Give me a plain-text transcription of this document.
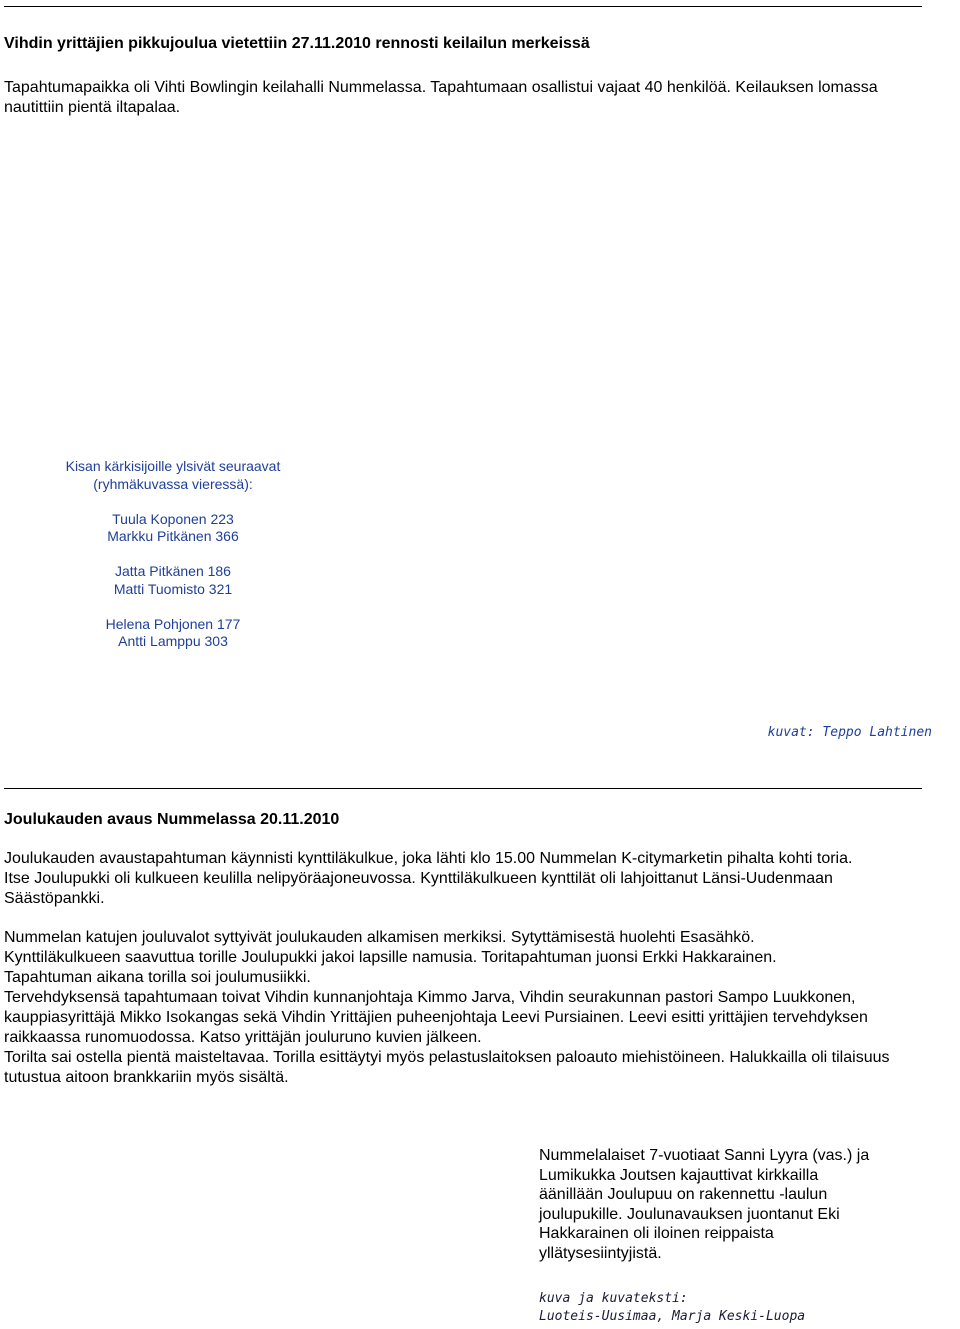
Vihdin yrittäjien pikkujoulua vietettiin 27.11.2010 rennosti keilailun merkeissä
Tapahtumapaikka oli Vihti Bowlingin keilahalli Nummelassa. Tapahtumaan osallistui vajaat 40 henkilöä. Keilauksen lomassa
nautittiin pientä iltapalaa.
Kisan kärkisijoille ylsivät seuraavat
(ryhmäkuvassa vieressä):
Tuula Koponen 223
Markku Pitkänen 366
Jatta Pitkänen 186
Matti Tuomisto 321
Helena Pohjonen 177
Antti Lamppu 303
kuvat: Teppo Lahtinen
Joulukauden avaus Nummelassa 20.11.2010
Joulukauden avaustapahtuman käynnisti kynttiläkulkue, joka lähti klo 15.00 Nummelan K-citymarketin pihalta kohti toria.
Itse Joulupukki oli kulkueen keulilla nelipyöräajoneuvossa. Kynttiläkulkueen kynttilät oli lahjoittanut Länsi-Uudenmaan
Säästöpankki.
Nummelan katujen jouluvalot syttyivät joulukauden alkamisen merkiksi. Sytyttämisestä huolehti Esasähkö.
Kynttiläkulkueen saavuttua torille Joulupukki jakoi lapsille namusia. Toritapahtuman juonsi Erkki Hakkarainen.
Tapahtuman aikana torilla soi joulumusiikki.
Tervehdyksensä tapahtumaan toivat Vihdin kunnanjohtaja Kimmo Jarva, Vihdin seurakunnan pastori Sampo Luukkonen,
kauppiasyrittäjä Mikko Isokangas sekä Vihdin Yrittäjien puheenjohtaja Leevi Pursiainen. Leevi esitti yrittäjien tervehdyksen
raikkaassa runomuodossa. Katso yrittäjän jouluruno kuvien jälkeen.
Torilta sai ostella pientä maisteltavaa. Torilla esittäytyi myös pelastuslaitoksen paloauto miehistöineen. Halukkailla oli tilaisuus
tutustua aitoon brankkariin myös sisältä.
Nummelalaiset 7-vuotiaat Sanni Lyyra (vas.) ja
Lumikukka Joutsen kajauttivat kirkkailla
äänillään Joulupuu on rakennettu -laulun
joulupukille. Joulunavauksen juontanut Eki
Hakkarainen oli iloinen reippaista
yllätysesiintyjistä.
kuva ja kuvateksti:
Luoteis-Uusimaa, Marja Keski-Luopa
